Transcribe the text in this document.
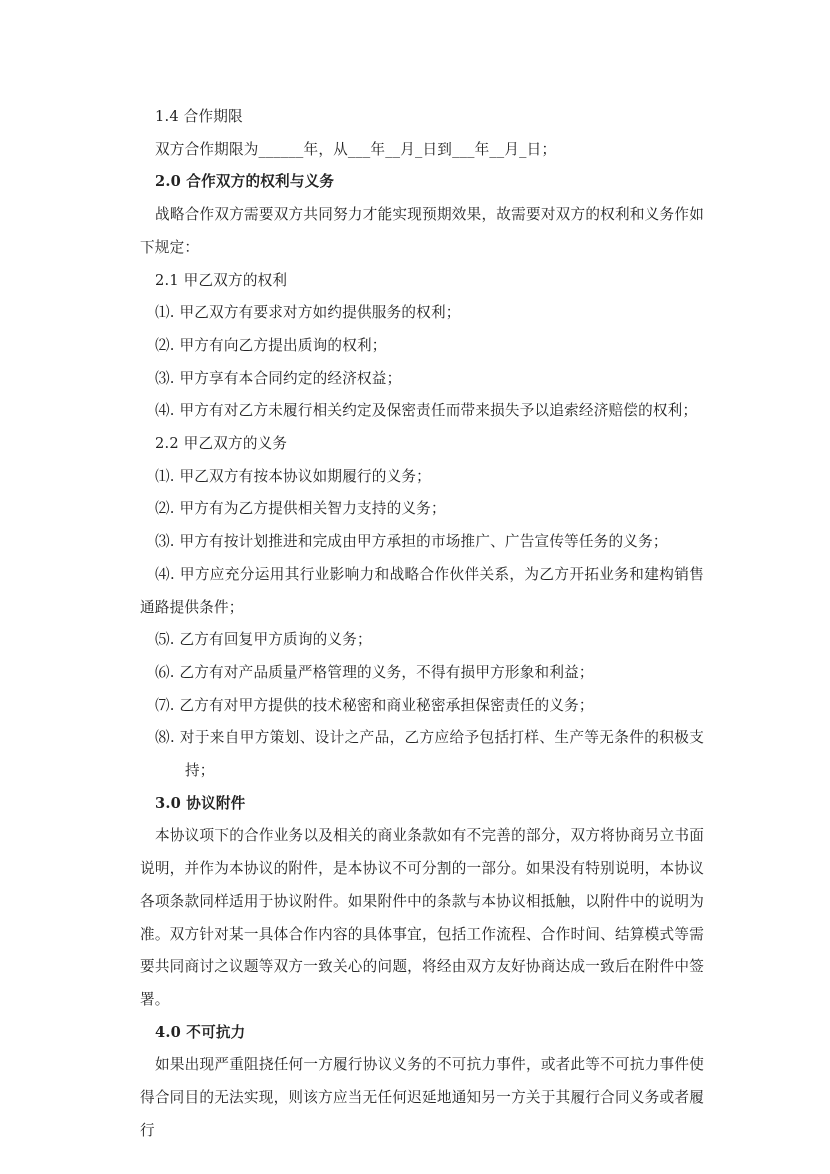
1.4 合作期限

双方合作期限为______年，从___年__月_日到___年__月_日；

2.0 合作双方的权利与义务

战略合作双方需要双方共同努力才能实现预期效果，故需要对双方的权利和义务作如下规定：

2.1 甲乙双方的权利

⑴. 甲乙双方有要求对方如约提供服务的权利；

⑵. 甲方有向乙方提出质询的权利；

⑶. 甲方享有本合同约定的经济权益；

⑷. 甲方有对乙方未履行相关约定及保密责任而带来损失予以追索经济赔偿的权利；

2.2 甲乙双方的义务

⑴. 甲乙双方有按本协议如期履行的义务；

⑵. 甲方有为乙方提供相关智力支持的义务；

⑶. 甲方有按计划推进和完成由甲方承担的市场推广、广告宣传等任务的义务；

⑷. 甲方应充分运用其行业影响力和战略合作伙伴关系，为乙方开拓业务和建构销售通路提供条件；

⑸. 乙方有回复甲方质询的义务；

⑹. 乙方有对产品质量严格管理的义务，不得有损甲方形象和利益；

⑺. 乙方有对甲方提供的技术秘密和商业秘密承担保密责任的义务；

⑻. 对于来自甲方策划、设计之产品，乙方应给予包括打样、生产等无条件的积极支持；

3.0 协议附件

本协议项下的合作业务以及相关的商业条款如有不完善的部分，双方将协商另立书面说明，并作为本协议的附件，是本协议不可分割的一部分。如果没有特别说明，本协议各项条款同样适用于协议附件。如果附件中的条款与本协议相抵触，以附件中的说明为准。双方针对某一具体合作内容的具体事宜，包括工作流程、合作时间、结算模式等需要共同商讨之议题等双方一致关心的问题，将经由双方友好协商达成一致后在附件中签署。

4.0 不可抗力

如果出现严重阻挠任何一方履行协议义务的不可抗力事件，或者此等不可抗力事件使得合同目的无法实现，则该方应当无任何迟延地通知另一方关于其履行合同义务或者履行
